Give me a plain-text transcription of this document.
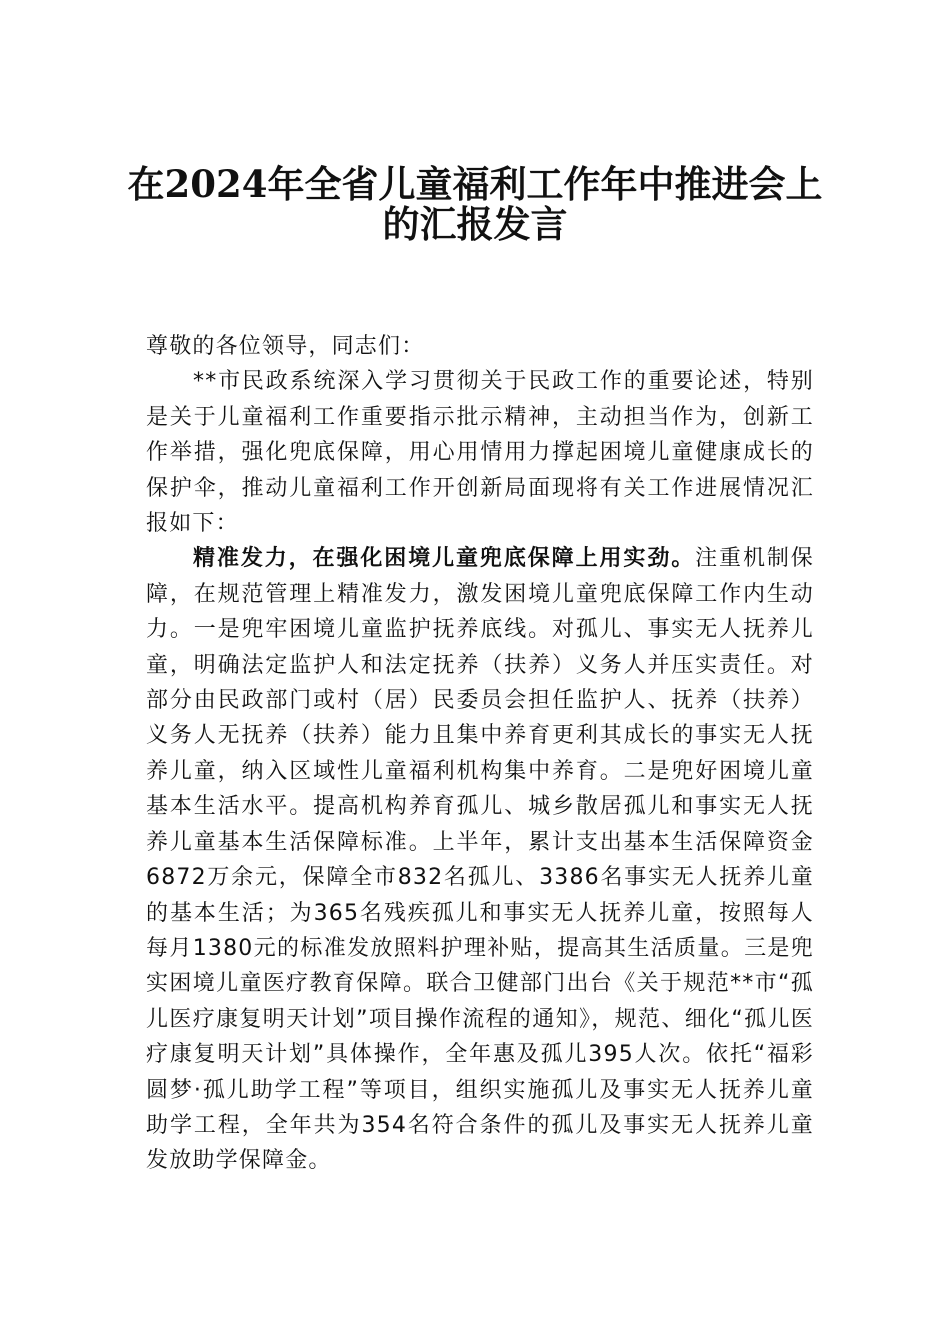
在2024年全省儿童福利工作年中推进会上
的汇报发言

尊敬的各位领导，同志们：

**市民政系统深入学习贯彻关于民政工作的重要论述，特别是关于儿童福利工作重要指示批示精神，主动担当作为，创新工作举措，强化兜底保障，用心用情用力撑起困境儿童健康成长的保护伞，推动儿童福利工作开创新局面现将有关工作进展情况汇报如下：

精准发力，在强化困境儿童兜底保障上用实劲。注重机制保障，在规范管理上精准发力，激发困境儿童兜底保障工作内生动力。一是兜牢困境儿童监护抚养底线。对孤儿、事实无人抚养儿童，明确法定监护人和法定抚养（扶养）义务人并压实责任。对部分由民政部门或村（居）民委员会担任监护人、抚养（扶养）义务人无抚养（扶养）能力且集中养育更利其成长的事实无人抚养儿童，纳入区域性儿童福利机构集中养育。二是兜好困境儿童基本生活水平。提高机构养育孤儿、城乡散居孤儿和事实无人抚养儿童基本生活保障标准。上半年，累计支出基本生活保障资金6872万余元，保障全市832名孤儿、3386名事实无人抚养儿童的基本生活；为365名残疾孤儿和事实无人抚养儿童，按照每人每月1380元的标准发放照料护理补贴，提高其生活质量。三是兜实困境儿童医疗教育保障。联合卫健部门出台《关于规范**市“孤儿医疗康复明天计划”项目操作流程的通知》，规范、细化“孤儿医疗康复明天计划”具体操作，全年惠及孤儿395人次。依托“福彩圆梦·孤儿助学工程”等项目，组织实施孤儿及事实无人抚养儿童助学工程，全年共为354名符合条件的孤儿及事实无人抚养儿童发放助学保障金。
